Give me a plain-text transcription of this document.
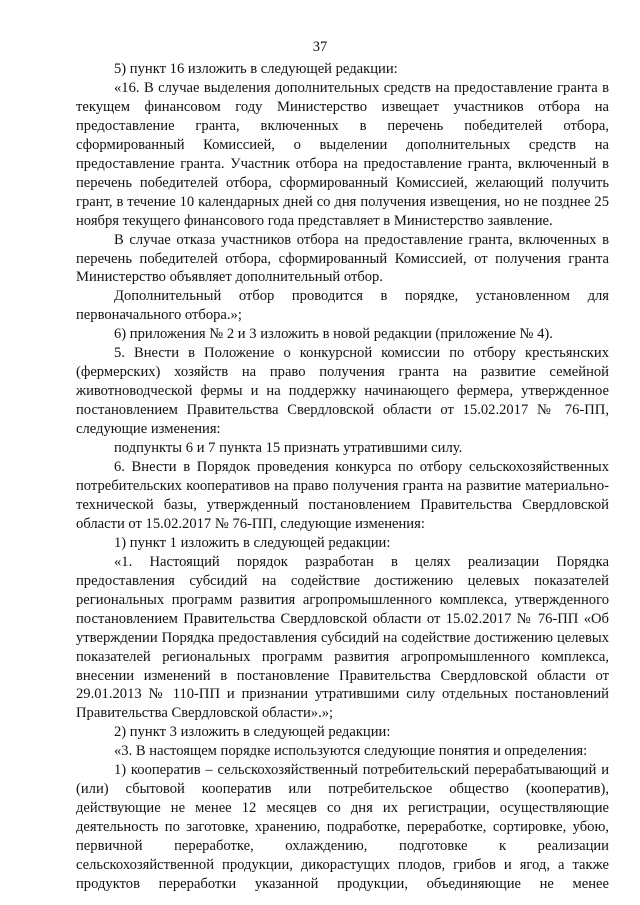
37

5) пункт 16 изложить в следующей редакции:

«16. В случае выделения дополнительных средств на предоставление гранта в текущем финансовом году Министерство извещает участников отбора на предоставление гранта, включенных в перечень победителей отбора, сформированный Комиссией, о выделении дополнительных средств на предоставление гранта. Участник отбора на предоставление гранта, включенный в перечень победителей отбора, сформированный Комиссией, желающий получить грант, в течение 10 календарных дней со дня получения извещения, но не позднее 25 ноября текущего финансового года представляет в Министерство заявление.

В случае отказа участников отбора на предоставление гранта, включенных в перечень победителей отбора, сформированный Комиссией, от получения гранта Министерство объявляет дополнительный отбор.

Дополнительный отбор проводится в порядке, установленном для первоначального отбора.»;

6) приложения № 2 и 3 изложить в новой редакции (приложение № 4).

5. Внести в Положение о конкурсной комиссии по отбору крестьянских (фермерских) хозяйств на право получения гранта на развитие семейной животноводческой фермы и на поддержку начинающего фермера, утвержденное постановлением Правительства Свердловской области от 15.02.2017 № 76-ПП, следующие изменения:

подпункты 6 и 7 пункта 15 признать утратившими силу.

6. Внести в Порядок проведения конкурса по отбору сельскохозяйственных потребительских кооперативов на право получения гранта на развитие материально-технической базы, утвержденный постановлением Правительства Свердловской области от 15.02.2017 № 76-ПП, следующие изменения:

1) пункт 1 изложить в следующей редакции:

«1. Настоящий порядок разработан в целях реализации Порядка предоставления субсидий на содействие достижению целевых показателей региональных программ развития агропромышленного комплекса, утвержденного постановлением Правительства Свердловской области от 15.02.2017 № 76-ПП «Об утверждении Порядка предоставления субсидий на содействие достижению целевых показателей региональных программ развития агропромышленного комплекса, внесении изменений в постановление Правительства Свердловской области от 29.01.2013 № 110-ПП и признании утратившими силу отдельных постановлений Правительства Свердловской области».»;

2) пункт 3 изложить в следующей редакции:

«3. В настоящем порядке используются следующие понятия и определения:

1) кооператив – сельскохозяйственный потребительский перерабатывающий и (или) сбытовой кооператив или потребительское общество (кооператив), действующие не менее 12 месяцев со дня их регистрации, осуществляющие деятельность по заготовке, хранению, подработке, переработке, сортировке, убою, первичной переработке, охлаждению, подготовке к реализации сельскохозяйственной продукции, дикорастущих плодов, грибов и ягод, а также продуктов переработки указанной продукции, объединяющие не менее
